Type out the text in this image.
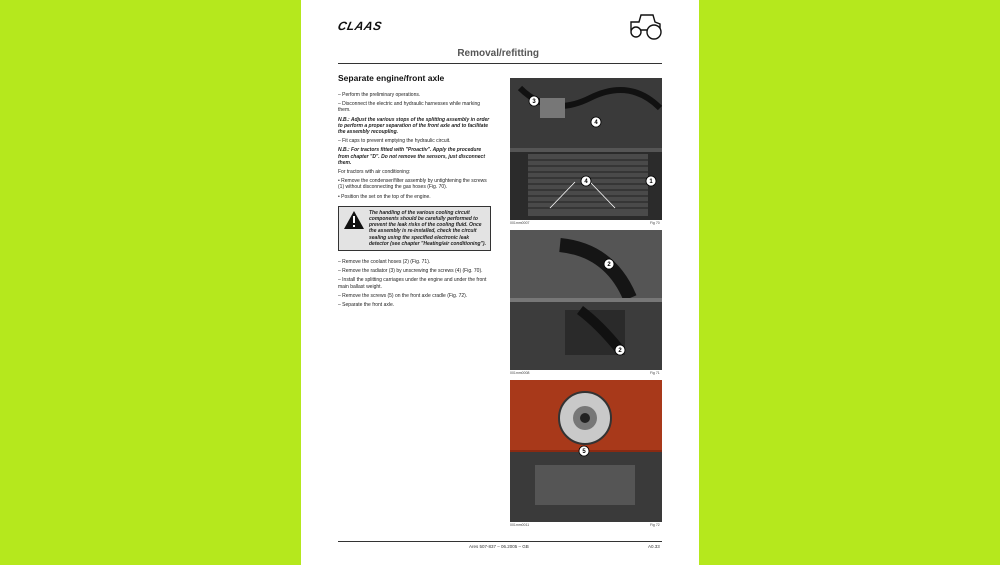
CLAAS
Removal/refitting
Separate engine/front axle

– Perform the preliminary operations.

– Disconnect the electric and hydraulic harnesses while marking them.

N.B.: Adjust the various stops of the splitting assembly in order to perform a proper separation of the front axle and to facilitate the assembly recoupling.

– Fit caps to prevent emptying the hydraulic circuit.

N.B.: For tractors fitted with "Proactiv". Apply the procedure from chapter "D". Do not remove the sensors, just disconnect them.

For tractors with air conditioning:

• Remove the condenser/filter assembly by untightening the screws (1) without disconnecting the gas hoses (Fig. 70).

• Position the set on the top of the engine.

The handling of the various cooling circuit components should be carefully performed to prevent the leak risks of the cooling fluid. Once the assembly is re-installed, check the circuit sealing using the specified electronic leak detector (see chapter "Heating/air conditioning").

– Remove the coolant hoses (2) (Fig. 71).

– Remove the radiator (3) by unscrewing the screws (4) (Fig. 70).

– Install the splitting carriages under the engine and under the front main ballast weight.

– Remove the screws (5) on the front axle cradle (Fig. 72).

– Separate the front axle.

3
4
4	1
001mm0007	Fig 70
2
2
001mm0008	Fig 71
5
001mm0011	Fig 72
Ares 507-837 – 06.2005 – GB	A0.33
